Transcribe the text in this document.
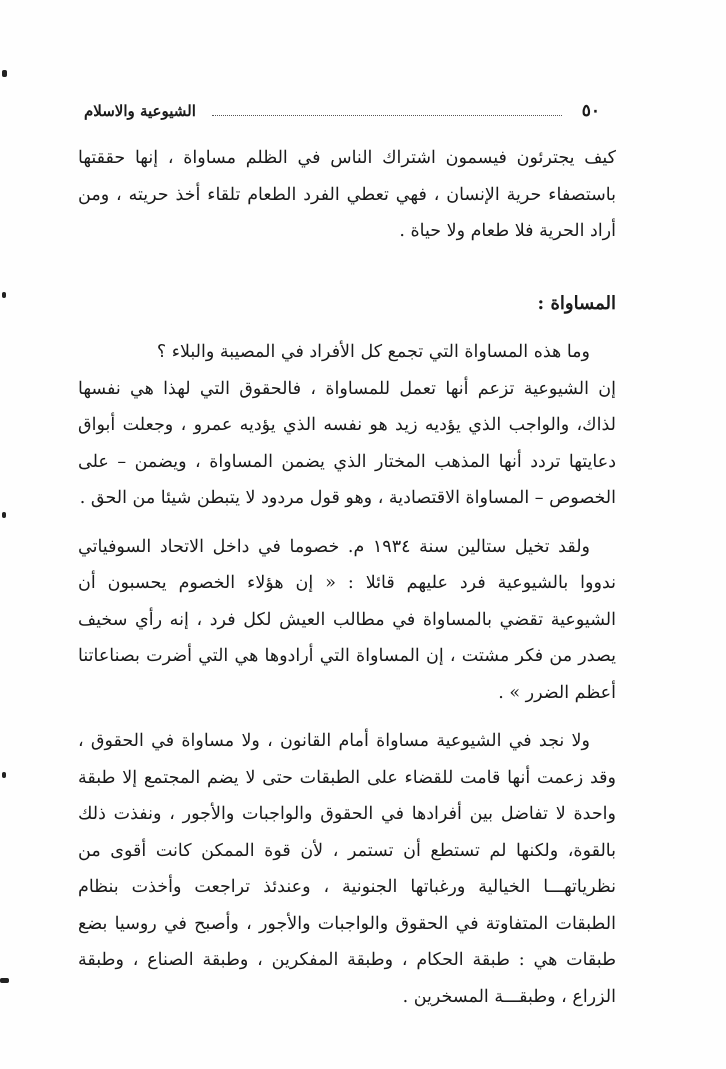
٥٠
الشيوعية والاسلام

كيف يجترئون فيسمون اشتراك الناس في الظلم مساواة ، إنها حققتها باستصفاء حرية الإنسان ، فهي تعطي الفرد الطعام تلقاء أخذ حريته ، ومن أراد الحرية فلا طعام ولا حياة .

المساواة :

وما هذه المساواة التي تجمع كل الأفراد في المصيبة والبلاء ؟

إن الشيوعية تزعم أنها تعمل للمساواة ، فالحقوق التي لهذا هي نفسها لذاك، والواجب الذي يؤديه زيد هو نفسه الذي يؤديه عمرو ، وجعلت أبواق دعايتها تردد أنها المذهب المختار الذي يضمن المساواة ، ويضمن – على الخصوص – المساواة الاقتصادية ، وهو قول مردود لا يتبطن شيئا من الحق .

ولقد تخيل ستالين سنة ١٩٣٤ م. خصوما في داخل الاتحاد السوفياتي ندووا بالشيوعية فرد عليهم قائلا : « إن هؤلاء الخصوم يحسبون أن الشيوعية تقضي بالمساواة في مطالب العيش لكل فرد ، إنه رأي سخيف يصدر من فكر مشتت ، إن المساواة التي أرادوها هي التي أضرت بصناعاتنا أعظم الضرر » .

ولا نجد في الشيوعية مساواة أمام القانون ، ولا مساواة في الحقوق ، وقد زعمت أنها قامت للقضاء على الطبقات حتى لا يضم المجتمع إلا طبقة واحدة لا تفاضل بين أفرادها في الحقوق والواجبات والأجور ، ونفذت ذلك بالقوة، ولكنها لم تستطع أن تستمر ، لأن قوة الممكن كانت أقوى من نظرياتهـــا الخيالية ورغباتها الجنونية ، وعندئذ تراجعت وأخذت بنظام الطبقات المتفاوتة في الحقوق والواجبات والأجور ، وأصبح في روسيا بضع طبقات هي : طبقة الحكام ، وطبقة المفكرين ، وطبقة الصناع ، وطبقة الزراع ، وطبقـــة المسخرين .
